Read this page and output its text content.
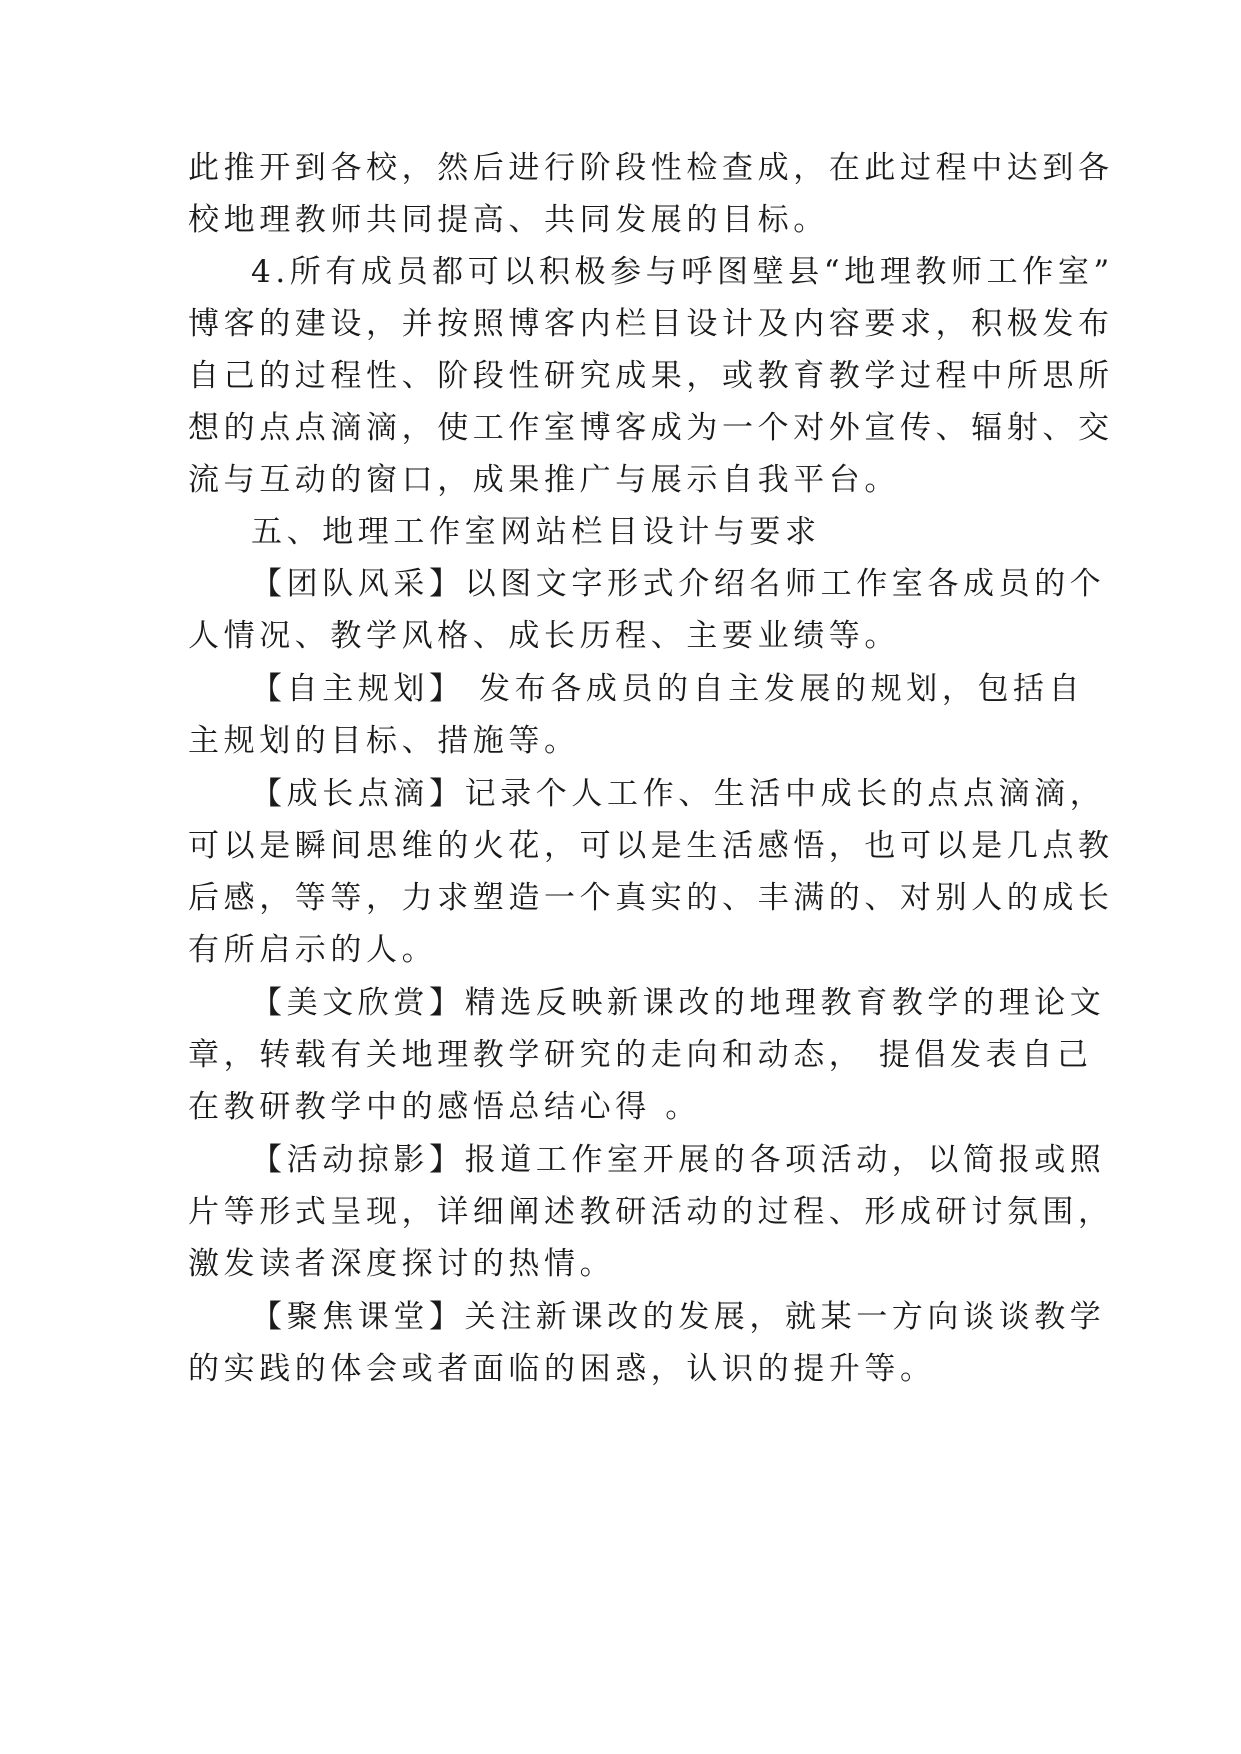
此推开到各校，然后进行阶段性检查成，在此过程中达到各

校地理教师共同提高、共同发展的目标。

4.所有成员都可以积极参与呼图壁县“地理教师工作室”

博客的建设，并按照博客内栏目设计及内容要求，积极发布

自己的过程性、阶段性研究成果，或教育教学过程中所思所

想的点点滴滴，使工作室博客成为一个对外宣传、辐射、交

流与互动的窗口，成果推广与展示自我平台。

五、地理工作室网站栏目设计与要求

【团队风采】以图文字形式介绍名师工作室各成员的个

人情况、教学风格、成长历程、主要业绩等。

【自主规划】 发布各成员的自主发展的规划，包括自

主规划的目标、措施等。

【成长点滴】记录个人工作、生活中成长的点点滴滴，

可以是瞬间思维的火花，可以是生活感悟，也可以是几点教

后感，等等，力求塑造一个真实的、丰满的、对别人的成长

有所启示的人。

【美文欣赏】精选反映新课改的地理教育教学的理论文

章，转载有关地理教学研究的走向和动态， 提倡发表自己

在教研教学中的感悟总结心得 。

【活动掠影】报道工作室开展的各项活动，以简报或照

片等形式呈现，详细阐述教研活动的过程、形成研讨氛围，

激发读者深度探讨的热情。

【聚焦课堂】关注新课改的发展，就某一方向谈谈教学

的实践的体会或者面临的困惑，认识的提升等。
